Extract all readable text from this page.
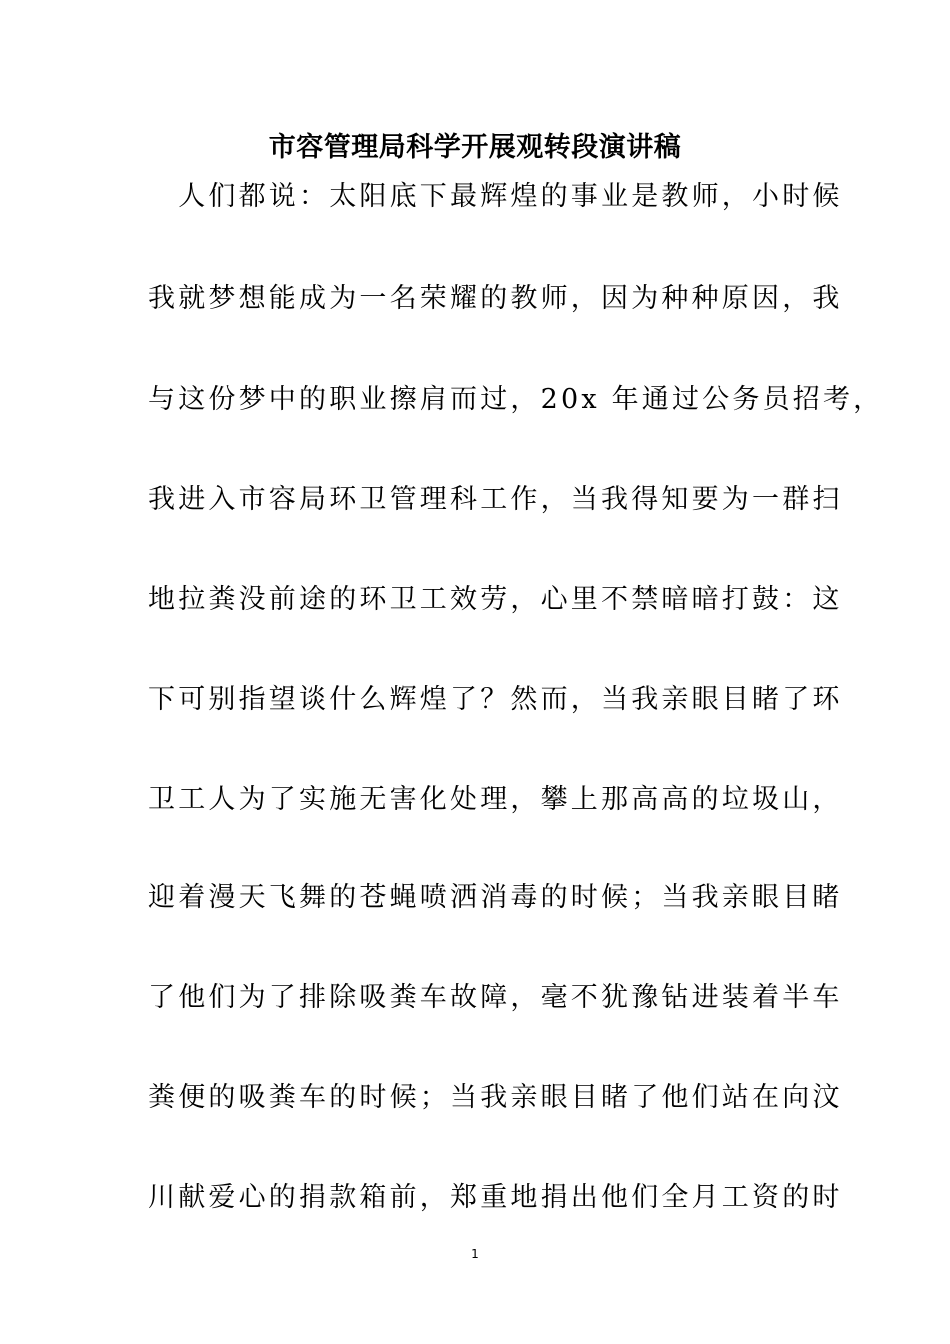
市容管理局科学开展观转段演讲稿
　人们都说：太阳底下最辉煌的事业是教师，小时候
我就梦想能成为一名荣耀的教师，因为种种原因，我
与这份梦中的职业擦肩而过，20x 年通过公务员招考，
我进入市容局环卫管理科工作，当我得知要为一群扫
地拉粪没前途的环卫工效劳，心里不禁暗暗打鼓：这
下可别指望谈什么辉煌了？然而，当我亲眼目睹了环
卫工人为了实施无害化处理，攀上那高高的垃圾山，
迎着漫天飞舞的苍蝇喷洒消毒的时候；当我亲眼目睹
了他们为了排除吸粪车故障，毫不犹豫钻进装着半车
粪便的吸粪车的时候；当我亲眼目睹了他们站在向汶
川献爱心的捐款箱前，郑重地捐出他们全月工资的时
1
